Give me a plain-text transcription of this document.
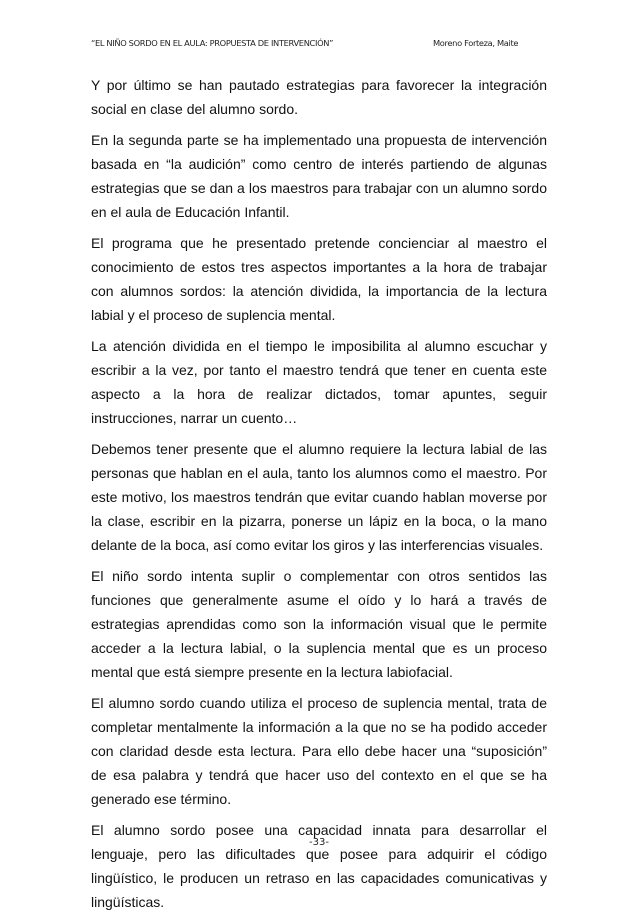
“EL NIÑO SORDO EN EL AULA: PROPUESTA DE INTERVENCIÓN”	Moreno Forteza, Maite

Y por último se han pautado estrategias para favorecer la integración social en clase del alumno sordo.

En la segunda parte se ha implementado una propuesta de intervención basada en “la audición” como centro de interés partiendo de algunas estrategias que se dan a los maestros para trabajar con un alumno sordo en el aula de Educación Infantil.

El programa que he presentado pretende concienciar al maestro el conocimiento de estos tres aspectos importantes a la hora de trabajar con alumnos sordos: la atención dividida, la importancia de la lectura labial y el proceso de suplencia mental.

La atención dividida en el tiempo le imposibilita al alumno escuchar y escribir a la vez, por tanto el maestro tendrá que tener en cuenta este aspecto a la hora de realizar dictados, tomar apuntes, seguir instrucciones, narrar un cuento…

Debemos tener presente que el alumno requiere la lectura labial de las personas que hablan en el aula, tanto los alumnos como el maestro. Por este motivo, los maestros tendrán que evitar cuando hablan moverse por la clase, escribir en la pizarra, ponerse un lápiz en la boca, o la mano delante de la boca, así como evitar los giros y las interferencias visuales.

El niño sordo intenta suplir o complementar con otros sentidos las funciones que generalmente asume el oído y lo hará a través de estrategias aprendidas como son la información visual que le permite acceder a la lectura labial, o la suplencia mental que es un proceso mental que está siempre presente en la lectura labiofacial.

El alumno sordo cuando utiliza el proceso de suplencia mental, trata de completar mentalmente la información a la que no se ha podido acceder con claridad desde esta lectura. Para ello debe hacer una “suposición” de esa palabra y tendrá que hacer uso del contexto en el que se ha generado ese término.

El alumno sordo posee una capacidad innata para desarrollar el lenguaje, pero las dificultades que posee para adquirir el código lingüístico, le producen un retraso en las capacidades comunicativas y lingüísticas.

-33-
